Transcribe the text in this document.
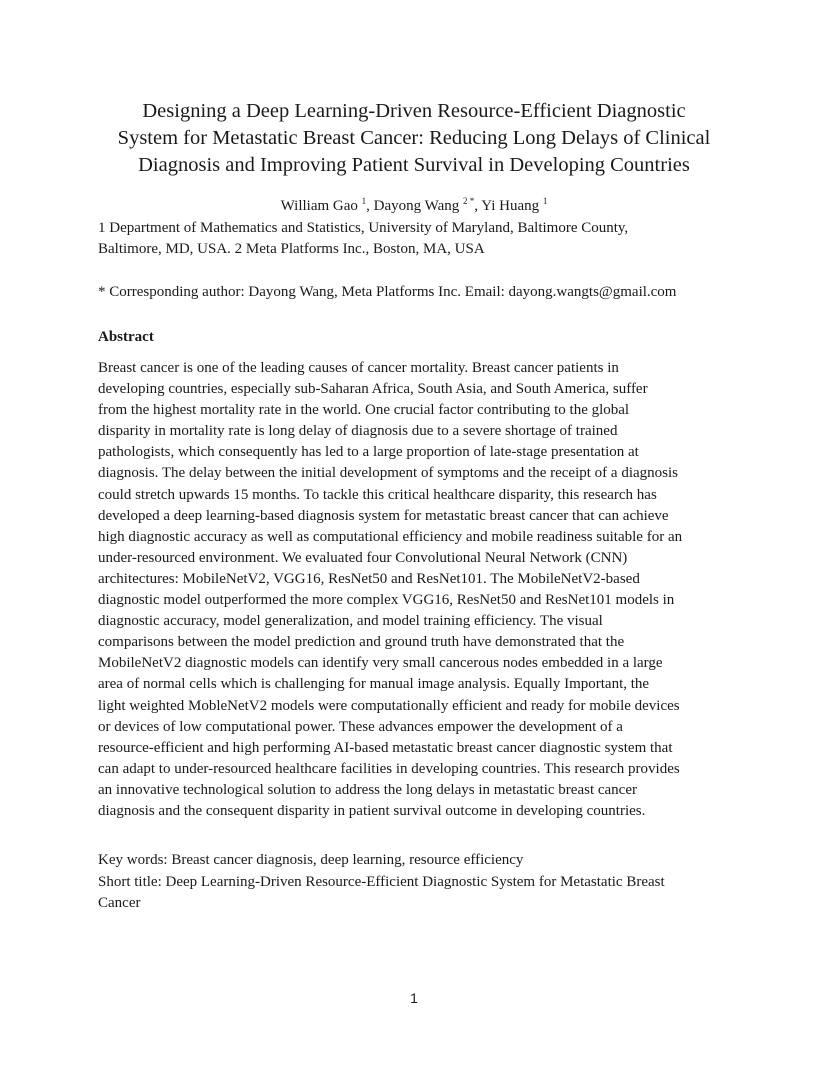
Designing a Deep Learning-Driven Resource-Efficient Diagnostic
System for Metastatic Breast Cancer: Reducing Long Delays of Clinical
Diagnosis and Improving Patient Survival in Developing Countries
William Gao $^1$, Dayong Wang $^{2 *}$, Yi Huang $^1$
1 Department of Mathematics and Statistics, University of Maryland, Baltimore County,
Baltimore, MD, USA. 2 Meta Platforms Inc., Boston, MA, USA
* Corresponding author: Dayong Wang, Meta Platforms Inc. Email: dayong.wangts@gmail.com
Abstract
Breast cancer is one of the leading causes of cancer mortality. Breast cancer patients in
developing countries, especially sub-Saharan Africa, South Asia, and South America, suffer
from the highest mortality rate in the world. One crucial factor contributing to the global
disparity in mortality rate is long delay of diagnosis due to a severe shortage of trained
pathologists, which consequently has led to a large proportion of late-stage presentation at
diagnosis. The delay between the initial development of symptoms and the receipt of a diagnosis
could stretch upwards 15 months. To tackle this critical healthcare disparity, this research has
developed a deep learning-based diagnosis system for metastatic breast cancer that can achieve
high diagnostic accuracy as well as computational efficiency and mobile readiness suitable for an
under-resourced environment. We evaluated four Convolutional Neural Network (CNN)
architectures: MobileNetV2, VGG16, ResNet50 and ResNet101. The MobileNetV2-based
diagnostic model outperformed the more complex VGG16, ResNet50 and ResNet101 models in
diagnostic accuracy, model generalization, and model training efficiency. The visual
comparisons between the model prediction and ground truth have demonstrated that the
MobileNetV2 diagnostic models can identify very small cancerous nodes embedded in a large
area of normal cells which is challenging for manual image analysis. Equally Important, the
light weighted MobleNetV2 models were computationally efficient and ready for mobile devices
or devices of low computational power. These advances empower the development of a
resource-efficient and high performing AI-based metastatic breast cancer diagnostic system that
can adapt to under-resourced healthcare facilities in developing countries. This research provides
an innovative technological solution to address the long delays in metastatic breast cancer
diagnosis and the consequent disparity in patient survival outcome in developing countries.
Key words: Breast cancer diagnosis, deep learning, resource efficiency
Short title: Deep Learning-Driven Resource-Efficient Diagnostic System for Metastatic Breast
Cancer
1
